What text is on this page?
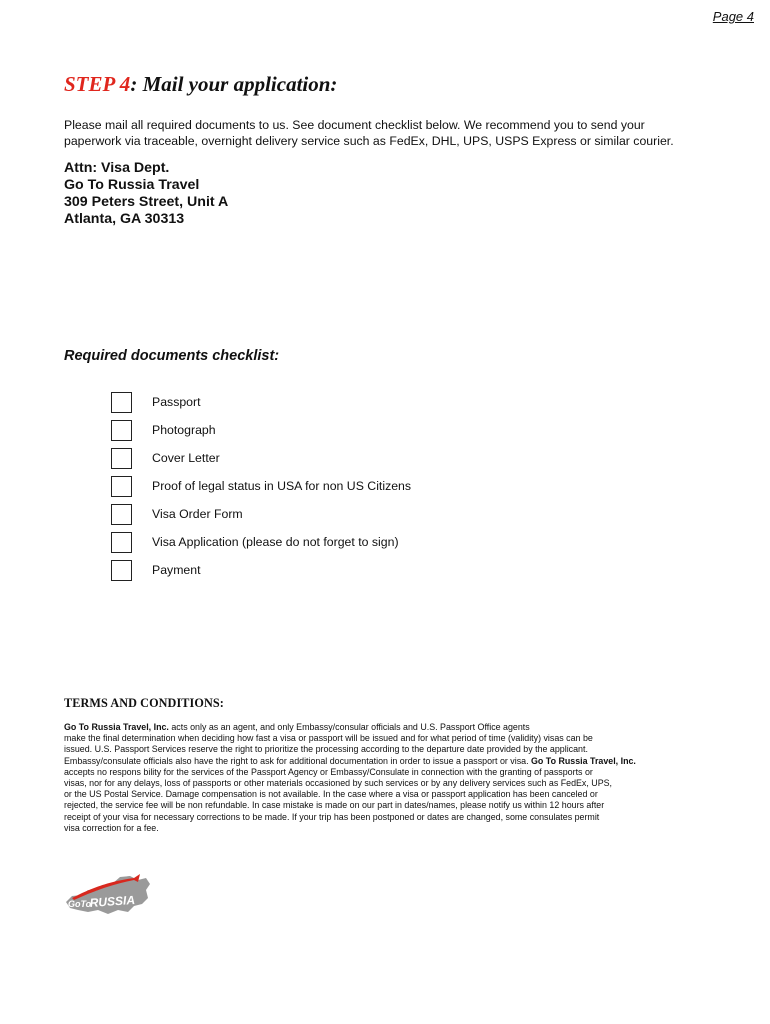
Page 4
STEP 4: Mail your application:

Please mail all required documents to us. See document checklist below. We recommend you to send your
paperwork via traceable, overnight delivery service such as FedEx, DHL, UPS, USPS Express or similar courier.

Attn: Visa Dept.
Go To Russia Travel
309 Peters Street, Unit A
Atlanta, GA 30313
Required documents checklist:
Passport
Photograph
Cover Letter
Proof of legal status in USA for non US Citizens
Visa Order Form
Visa Application (please do not forget to sign)
Payment
TERMS AND CONDITIONS:
Go To Russia Travel, Inc. acts only as an agent, and only Embassy/consular officials and U.S. Passport Office agents
make the final determination when deciding how fast a visa or passport will be issued and for what period of time (validity) visas can be
issued. U.S. Passport Services reserve the right to prioritize the processing according to the departure date provided by the applicant.
Embassy/consulate officials also have the right to ask for additional documentation in order to issue a passport or visa. Go To Russia Travel, Inc.
accepts no respons bility for the services of the Passport Agency or Embassy/Consulate in connection with the granting of passports or
visas, nor for any delays, loss of passports or other materials occasioned by such services or by any delivery services such as FedEx, UPS,
or the US Postal Service. Damage compensation is not available. In the case where a visa or passport application has been canceled or
rejected, the service fee will be non refundable. In case mistake is made on our part in dates/names, please notify us within 12 hours after
receipt of your visa for necessary corrections to be made. If your trip has been postponed or dates are changed, some consulates permit
visa correction for a fee.
GoTo
RUSSIA
